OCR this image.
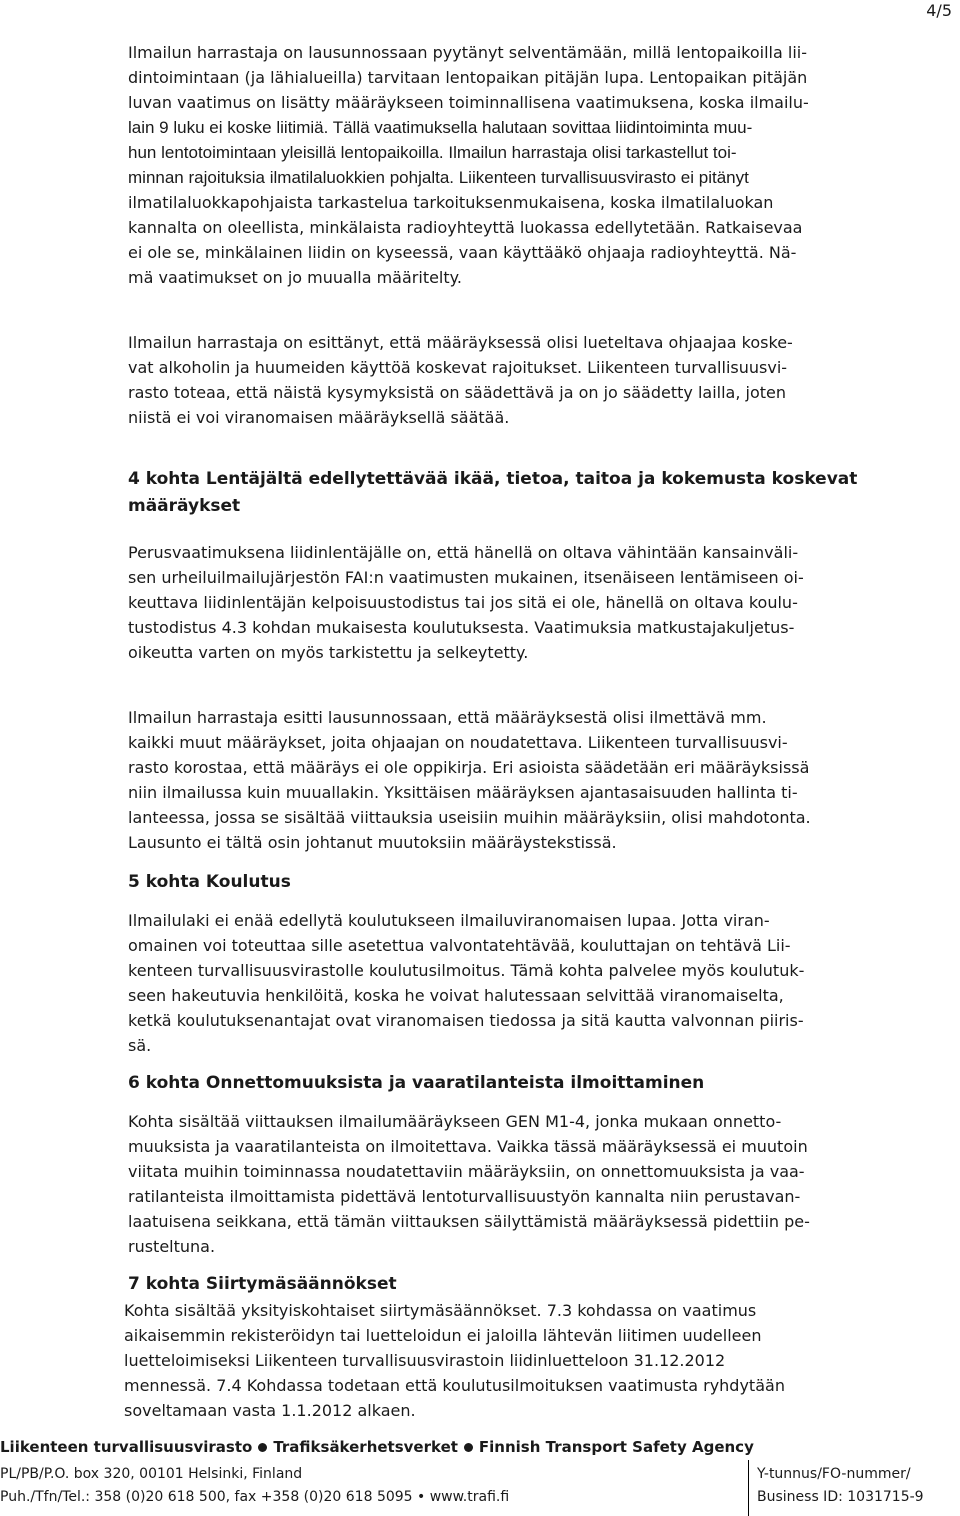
4/5

Ilmailun harrastaja on lausunnossaan pyytänyt selventämään, millä lentopaikoilla lii-
dintoimintaan (ja lähialueilla) tarvitaan lentopaikan pitäjän lupa. Lentopaikan pitäjän
luvan vaatimus on lisätty määräykseen toiminnallisena vaatimuksena, koska ilmailu-
lain 9 luku ei koske liitimiä. Tällä vaatimuksella halutaan sovittaa liidintoiminta muu-
hun lentotoimintaan yleisillä lentopaikoilla. Ilmailun harrastaja olisi tarkastellut toi-
minnan rajoituksia ilmatilaluokkien pohjalta. Liikenteen turvallisuusvirasto ei pitänyt
ilmatilaluokkapohjaista tarkastelua tarkoituksenmukaisena, koska ilmatilaluokan
kannalta on oleellista, minkälaista radioyhteyttä luokassa edellytetään. Ratkaisevaa
ei ole se, minkälainen liidin on kyseessä, vaan käyttääkö ohjaaja radioyhteyttä. Nä-
mä vaatimukset on jo muualla määritelty.

Ilmailun harrastaja on esittänyt, että määräyksessä olisi lueteltava ohjaajaa koske-
vat alkoholin ja huumeiden käyttöä koskevat rajoitukset. Liikenteen turvallisuusvi-
rasto toteaa, että näistä kysymyksistä on säädettävä ja on jo säädetty lailla, joten
niistä ei voi viranomaisen määräyksellä säätää.

4 kohta Lentäjältä edellytettävää ikää, tietoa, taitoa ja kokemusta koskevat
määräykset

Perusvaatimuksena liidinlentäjälle on, että hänellä on oltava vähintään kansainväli-
sen urheiluilmailujärjestön FAI:n vaatimusten mukainen, itsenäiseen lentämiseen oi-
keuttava liidinlentäjän kelpoisuustodistus tai jos sitä ei ole, hänellä on oltava koulu-
tustodistus 4.3 kohdan mukaisesta koulutuksesta. Vaatimuksia matkustajakuljetus-
oikeutta varten on myös tarkistettu ja selkeytetty.

Ilmailun harrastaja esitti lausunnossaan, että määräyksestä olisi ilmettävä mm.
kaikki muut määräykset, joita ohjaajan on noudatettava. Liikenteen turvallisuusvi-
rasto korostaa, että määräys ei ole oppikirja. Eri asioista säädetään eri määräyksissä
niin ilmailussa kuin muuallakin. Yksittäisen määräyksen ajantasaisuuden hallinta ti-
lanteessa, jossa se sisältää viittauksia useisiin muihin määräyksiin, olisi mahdotonta.
Lausunto ei tältä osin johtanut muutoksiin määräystekstissä.

5 kohta Koulutus

Ilmailulaki ei enää edellytä koulutukseen ilmailuviranomaisen lupaa. Jotta viran-
omainen voi toteuttaa sille asetettua valvontatehtävää, kouluttajan on tehtävä Lii-
kenteen turvallisuusvirastolle koulutusilmoitus. Tämä kohta palvelee myös koulutuk-
seen hakeutuvia henkilöitä, koska he voivat halutessaan selvittää viranomaiselta,
ketkä koulutuksenantajat ovat viranomaisen tiedossa ja sitä kautta valvonnan piiris-
sä.

6 kohta Onnettomuuksista ja vaaratilanteista ilmoittaminen

Kohta sisältää viittauksen ilmailumääräykseen GEN M1-4, jonka mukaan onnetto-
muuksista ja vaaratilanteista on ilmoitettava. Vaikka tässä määräyksessä ei muutoin
viitata muihin toiminnassa noudatettaviin määräyksiin, on onnettomuuksista ja vaa-
ratilanteista ilmoittamista pidettävä lentoturvallisuustyön kannalta niin perustavan-
laatuisena seikkana, että tämän viittauksen säilyttämistä määräyksessä pidettiin pe-
rusteltuna.

7 kohta Siirtymäsäännökset

Kohta sisältää yksityiskohtaiset siirtymäsäännökset. 7.3 kohdassa on vaatimus
aikaisemmin rekisteröidyn tai luetteloidun ei jaloilla lähtevän liitimen uudelleen
luetteloimiseksi Liikenteen turvallisuusvirastoin liidinluetteloon 31.12.2012
mennessä. 7.4 Kohdassa todetaan että koulutusilmoituksen vaatimusta ryhdytään
soveltamaan vasta 1.1.2012 alkaen.

Liikenteen turvallisuusvirasto Trafiksäkerhetsverket Finnish Transport Safety Agency
PL/PB/P.O. box 320, 00101 Helsinki, Finland
Puh./Tfn/Tel.: 358 (0)20 618 500, fax +358 (0)20 618 5095 • www.trafi.fi
Y-tunnus/FO-nummer/
Business ID: 1031715-9
